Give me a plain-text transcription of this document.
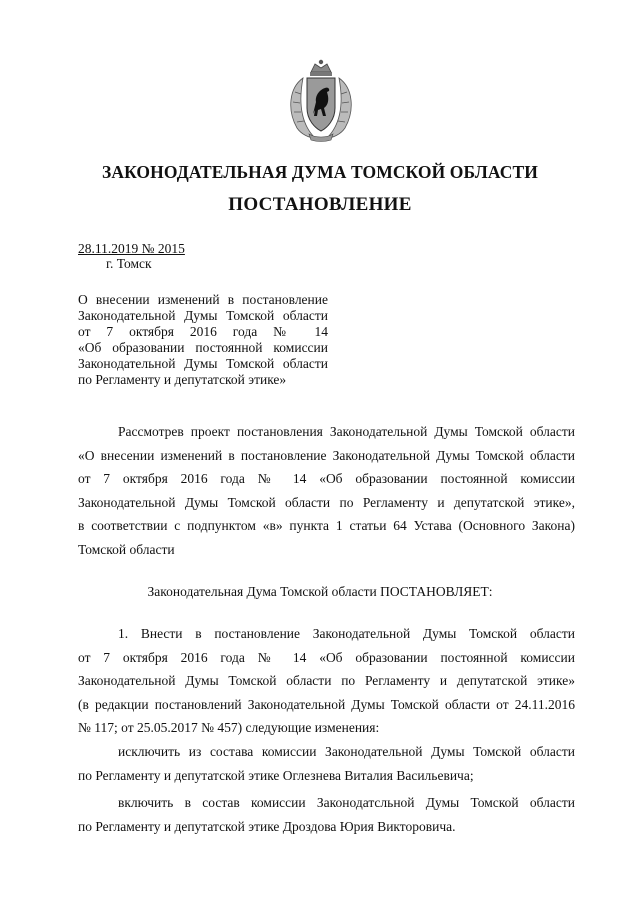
ЗАКОНОДАТЕЛЬНАЯ ДУМА ТОМСКОЙ ОБЛАСТИ
ПОСТАНОВЛЕНИЕ
28.11.2019 № 2015
г. Томск
О внесении изменений в постановление
Законодательной Думы Томской области
от 7 октября 2016 года № 14
«Об образовании постоянной комиссии
Законодательной Думы Томской области
по Регламенту и депутатской этике»
Рассмотрев проект постановления Законодательной Думы Томской области
«О внесении изменений в постановление Законодательной Думы Томской области
от 7 октября 2016 года № 14 «Об образовании постоянной комиссии
Законодательной Думы Томской области по Регламенту и депутатской этике»,
в соответствии с подпунктом «в» пункта 1 статьи 64 Устава (Основного Закона)
Томской области
Законодательная Дума Томской области ПОСТАНОВЛЯЕТ:
1. Внести в постановление Законодательной Думы Томской области
от 7 октября 2016 года № 14 «Об образовании постоянной комиссии
Законодательной Думы Томской области по Регламенту и депутатской этике»
(в редакции постановлений Законодательной Думы Томской области от 24.11.2016
№ 117; от 25.05.2017 № 457) следующие изменения:
исключить из состава комиссии Законодательной Думы Томской области
по Регламенту и депутатской этике Оглезнева Виталия Васильевича;
включить в состав комиссии Законодатсльной Думы Томской области
по Регламенту и депутатской этике Дроздова Юрия Викторовича.
